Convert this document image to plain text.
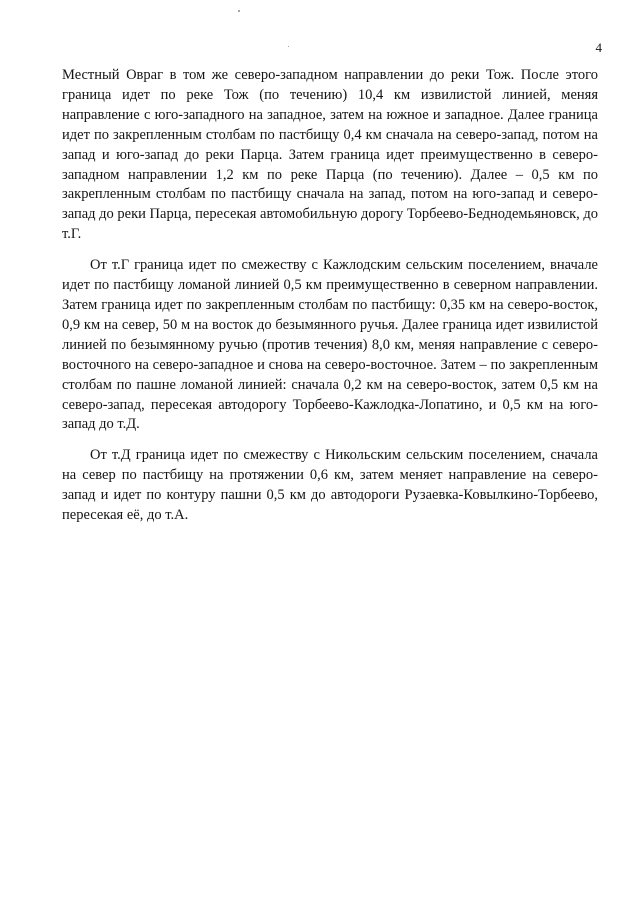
4

Местный Овраг в том же северо-западном направлении до реки Тож. После этого граница идет по реке Тож (по течению) 10,4 км извилистой линией, меняя направление с юго-западного на западное, затем на южное и западное. Далее граница идет по закрепленным столбам по пастбищу 0,4 км сначала на северо-запад, потом на запад и юго-запад до реки Парца. Затем граница идет преимущественно в северо-западном направлении 1,2 км по реке Парца (по течению). Далее – 0,5 км по закрепленным столбам по пастбищу сначала на запад, потом на юго-запад и северо-запад до реки Парца, пересекая автомобильную дорогу Торбеево-Беднодемьяновск, до т.Г.

От т.Г граница идет по смежеству с Кажлодским сельским поселением, вначале идет по пастбищу ломаной линией 0,5 км преимущественно в северном направлении. Затем граница идет по закрепленным столбам по пастбищу: 0,35 км на северо-восток, 0,9 км на север, 50 м на восток до безымянного ручья. Далее граница идет извилистой линией по безымянному ручью (против течения) 8,0 км, меняя направление с северо-восточного на северо-западное и снова на северо-восточное. Затем – по закрепленным столбам по пашне ломаной линией: сначала 0,2 км на северо-восток, затем 0,5 км на северо-запад, пересекая автодорогу Торбеево-Кажлодка-Лопатино, и 0,5 км на юго-запад до т.Д.

От т.Д граница идет по смежеству с Никольским сельским поселением, сначала на север по пастбищу на протяжении 0,6 км, затем меняет направление на северо-запад и идет по контуру пашни 0,5 км до автодороги Рузаевка-Ковылкино-Торбеево, пересекая её, до т.А.
